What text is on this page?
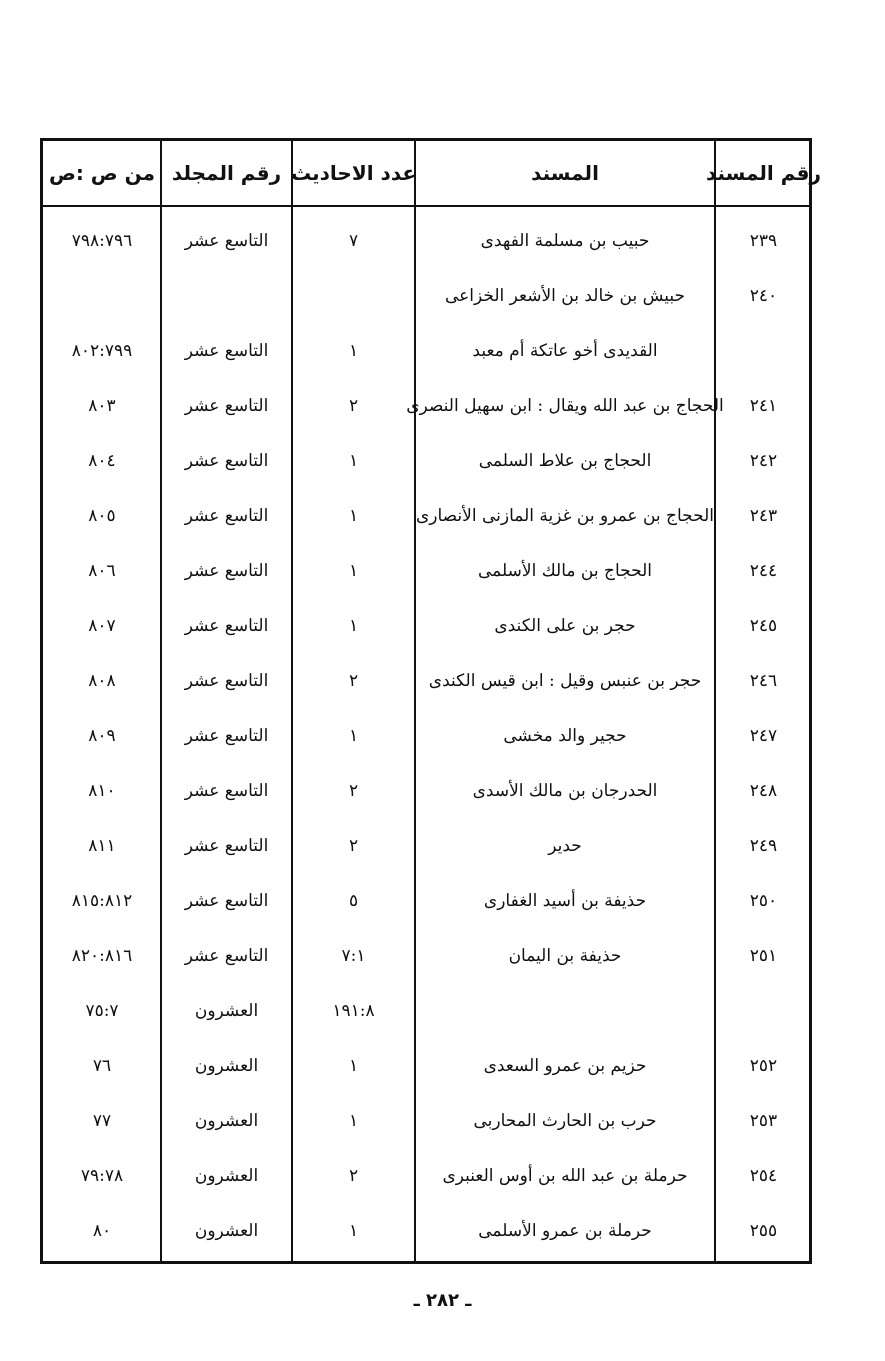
رقم المسند
المسند
عدد الاحاديث
رقم المجلد
من ص :ص
٢٣٩
حبيب بن مسلمة الفهدى
٧
التاسع عشر
٧٩٨:٧٩٦
٢٤٠
حبيش بن خالد بن الأشعر الخزاعى
القديدى أخو عاتكة أم معبد
١
التاسع عشر
٨٠٢:٧٩٩
٢٤١
الحجاج بن عبد الله ويقال : ابن سهيل النصرى
٢
التاسع عشر
٨٠٣
٢٤٢
الحجاج بن علاط السلمى
١
التاسع عشر
٨٠٤
٢٤٣
الحجاج بن عمرو بن غزية المازنى الأنصارى
١
التاسع عشر
٨٠٥
٢٤٤
الحجاج بن مالك الأسلمى
١
التاسع عشر
٨٠٦
٢٤٥
حجر بن على الكندى
١
التاسع عشر
٨٠٧
٢٤٦
حجر بن عنبس وقيل : ابن قيس الكندى
٢
التاسع عشر
٨٠٨
٢٤٧
حجير والد مخشى
١
التاسع عشر
٨٠٩
٢٤٨
الحدرجان بن مالك الأسدى
٢
التاسع عشر
٨١٠
٢٤٩
حدير
٢
التاسع عشر
٨١١
٢٥٠
حذيفة بن أسيد الغفارى
٥
التاسع عشر
٨١٥:٨١٢
٢٥١
حذيفة بن اليمان
٧:١
التاسع عشر
٨٢٠:٨١٦
١٩١:٨
العشرون
٧٥:٧
٢٥٢
حزيم بن عمرو السعدى
١
العشرون
٧٦
٢٥٣
حرب بن الحارث المحاربى
١
العشرون
٧٧
٢٥٤
حرملة بن عبد الله بن أوس العنبرى
٢
العشرون
٧٩:٧٨
٢٥٥
حرملة بن عمرو الأسلمى
١
العشرون
٨٠
ـ ٢٨٢ ـ
